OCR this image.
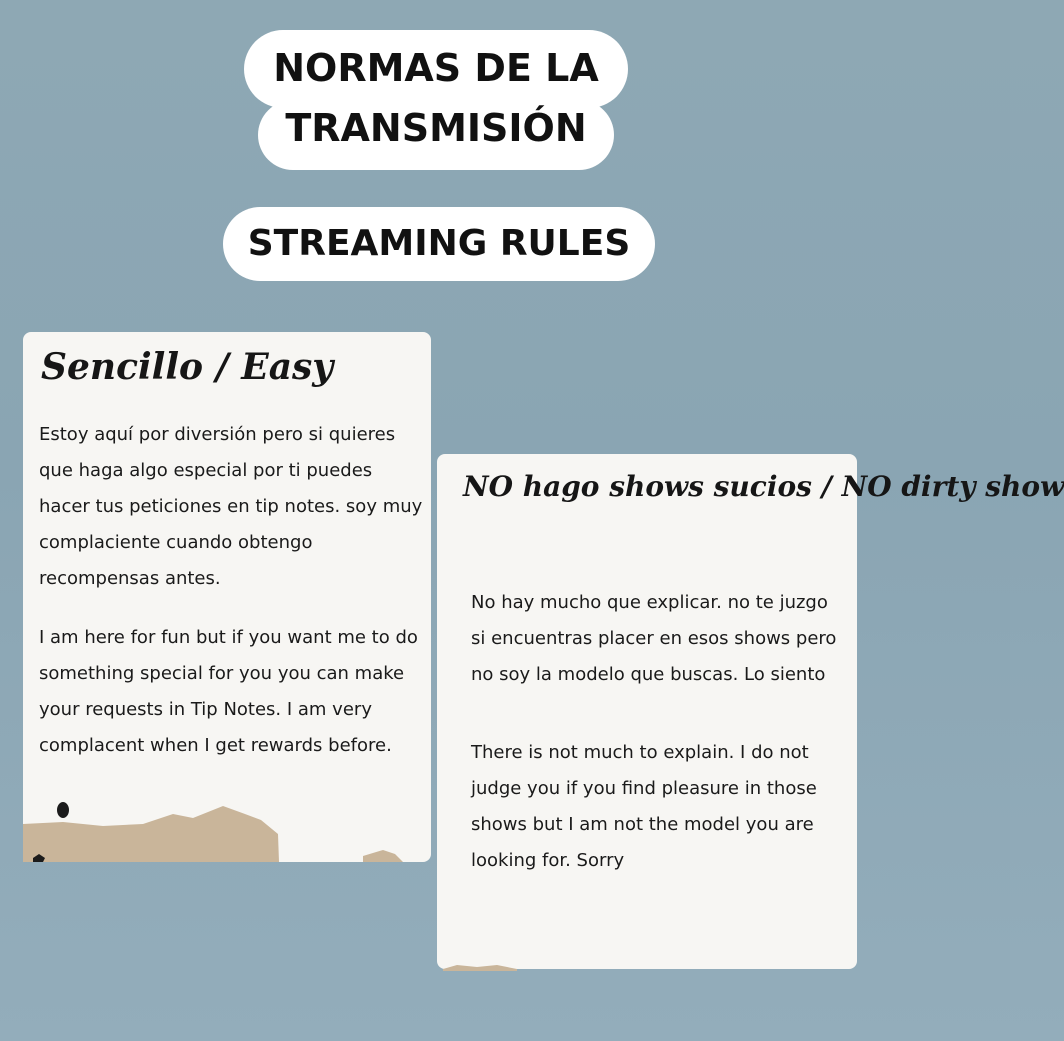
NORMAS DE LA
TRANSMISIÓN
STREAMING RULES
Sencillo / Easy

Estoy aquí por diversión pero si quieres que haga algo especial por ti puedes hacer tus peticiones en tip notes. soy muy complaciente cuando obtengo recompensas antes.

I am here for fun but if you want me to do something special for you you can make your requests in Tip Notes. I am very complacent when I get rewards before.

NO hago shows sucios / NO dirty show

No hay mucho que explicar. no te juzgo si encuentras placer en esos shows pero no soy la modelo que buscas. Lo siento

There is not much to explain. I do not judge you if you find pleasure in those shows but I am not the model you are looking for. Sorry
